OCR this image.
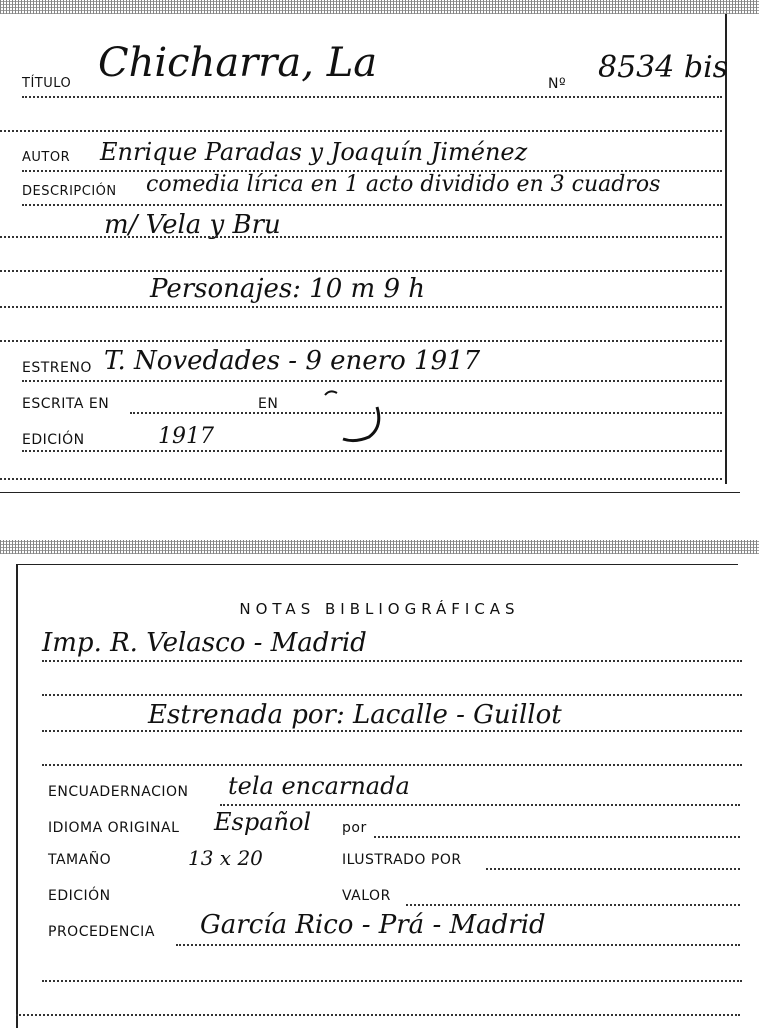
TÍTULO Chicharra, La	Nº 8534 bis
AUTOR Enrique Paradas y Joaquín Jiménez
DESCRIPCIÓN comedia lírica en 1 acto dividido en 3 cuadros
m/ Vela y Bru
Personajes: 10 m 9 h
ESTRENO T. Novedades - 9 enero 1917
ESCRITA EN	EN
EDICIÓN	1917
NOTAS BIBLIOGRÁFICAS
Imp. R. Velasco - Madrid
Estrenada por: Lacalle - Guillot
ENCUADERNACION tela encarnada
IDIOMA ORIGINAL Español por
TAMAÑO	13 x 20	ILUSTRADO POR
EDICIÓN	VALOR
PROCEDENCIA García Rico - Prá - Madrid
